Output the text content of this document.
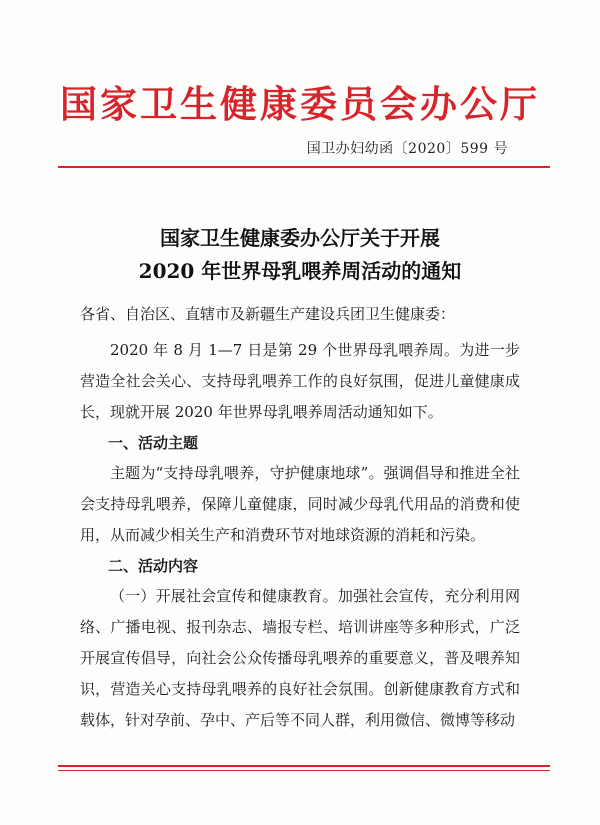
国家卫生健康委员会办公厅
国卫办妇幼函〔2020〕599 号
国家卫生健康委办公厅关于开展
2020 年世界母乳喂养周活动的通知
各省、自治区、直辖市及新疆生产建设兵团卫生健康委：
2020 年 8 月 1—7 日是第 29 个世界母乳喂养周。为进一步营造全社会关心、支持母乳喂养工作的良好氛围，促进儿童健康成长，现就开展 2020 年世界母乳喂养周活动通知如下。
一、活动主题
主题为“支持母乳喂养，守护健康地球”。强调倡导和推进全社会支持母乳喂养，保障儿童健康，同时减少母乳代用品的消费和使用，从而减少相关生产和消费环节对地球资源的消耗和污染。
二、活动内容
（一）开展社会宣传和健康教育。加强社会宣传，充分利用网络、广播电视、报刊杂志、墙报专栏、培训讲座等多种形式，广泛开展宣传倡导，向社会公众传播母乳喂养的重要意义，普及喂养知识，营造关心支持母乳喂养的良好社会氛围。创新健康教育方式和载体，针对孕前、孕中、产后等不同人群，利用微信、微博等移动
